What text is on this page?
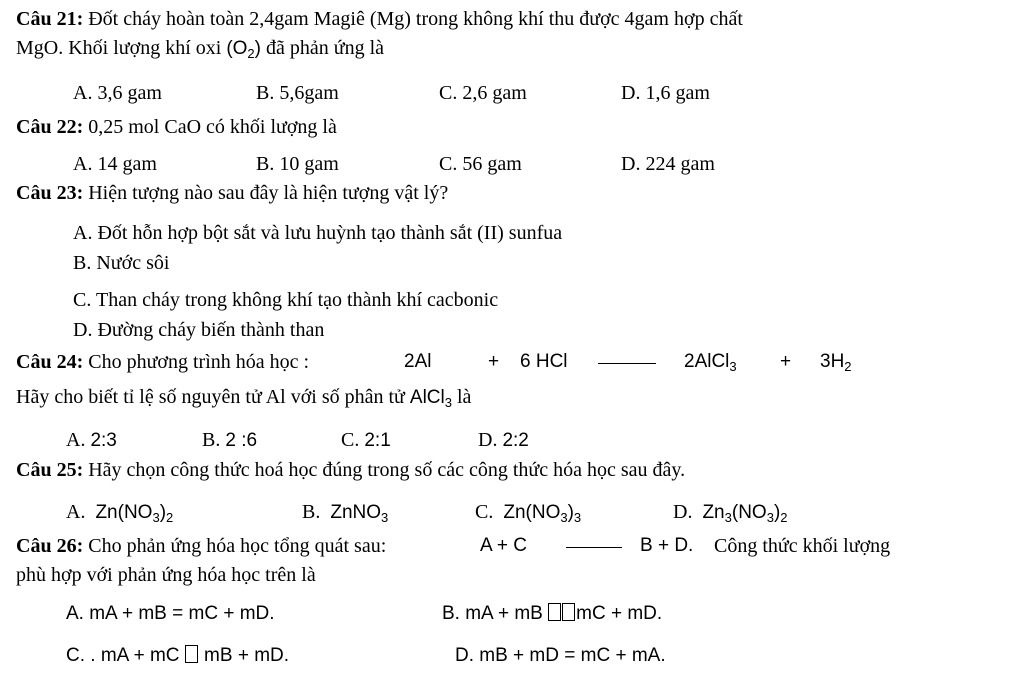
Câu 21: Đốt cháy hoàn toàn 2,4gam Magiê (Mg) trong không khí thu được 4gam hợp chất
MgO. Khối lượng khí oxi $(O_2)$ đã phản ứng là
A. 3,6 gam	B. 5,6gam	C. 2,6 gam	D. 1,6 gam
Câu 22: 0,25 mol CaO có khối lượng là
A. 14 gam	B. 10 gam	C. 56 gam	D. 224 gam
Câu 23: Hiện tượng nào sau đây là hiện tượng vật lý?
A. Đốt hỗn hợp bột sắt và lưu huỳnh tạo thành sắt (II) sunfua
B. Nước sôi
C. Than cháy trong không khí tạo thành khí cacbonic
D. Đường cháy biến thành than
Câu 24: Cho phương trình hóa học :	2Al	+ 6 HCl	2AlCl$_3$ + $3H_2$
Hãy cho biết tỉ lệ số nguyên tử Al với số phân tử AlCl$_3$ là
A. 2:3	B. 2 :6	C. 2:1	D. 2:2
Câu 25: Hãy chọn công thức hoá học đúng trong số các công thức hóa học sau đây.
A. $Zn(NO_3)_2$	B. ZnNO$_3$	C. $Zn(NO_3)_3$	D. $Zn_3(NO_3)_2$
Câu 26: Cho phản ứng hóa học tổng quát sau:	A + C	B + D. Công thức khối lượng
phù hợp với phản ứng hóa học trên là
A. mA + mB = mC + mD.	B. mA + mB mC + mD.
C. . mA + mC  mB + mD.	D. mB + mD = mC + mA.
